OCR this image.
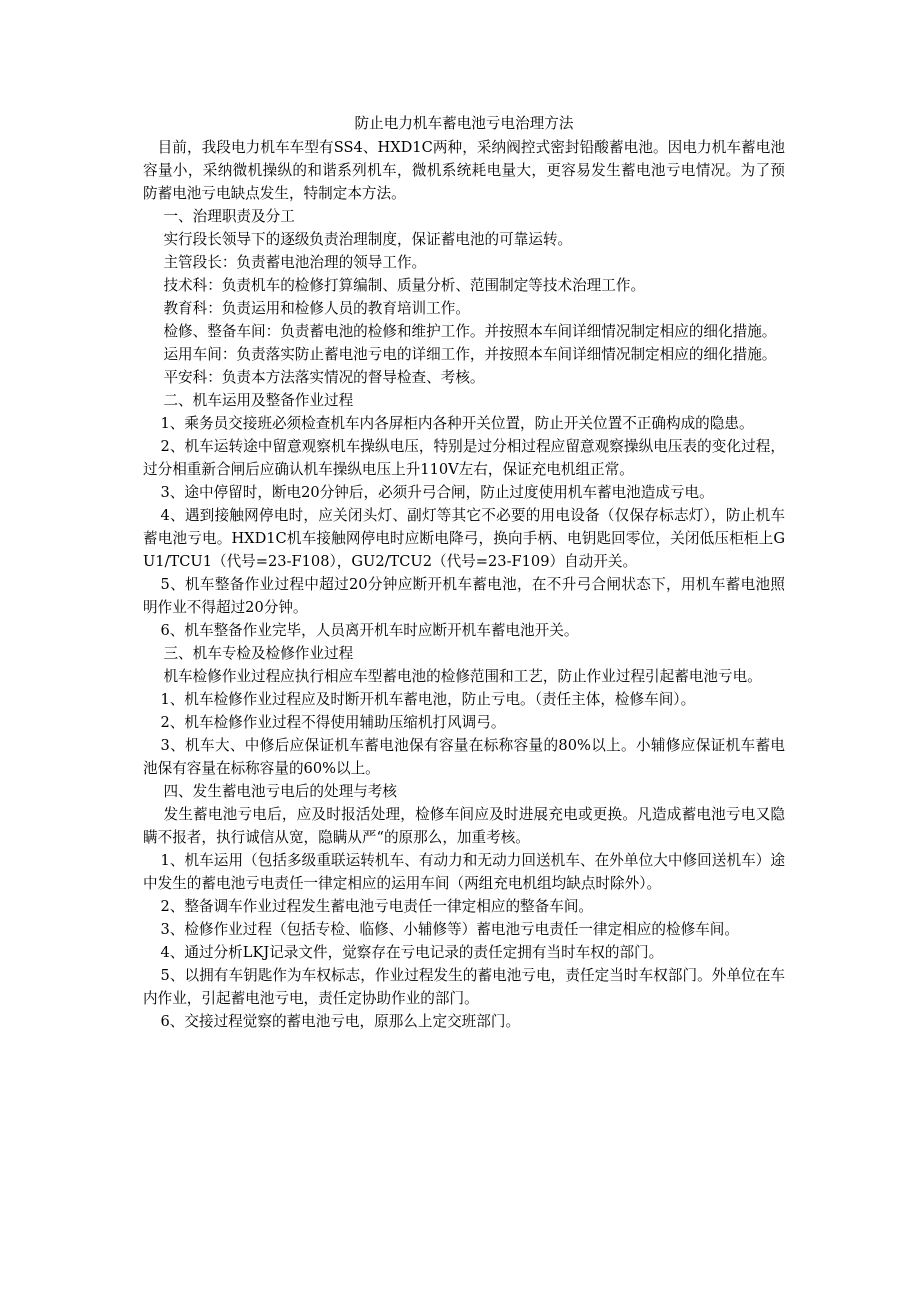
防止电力机车蓄电池亏电治理方法

目前，我段电力机车车型有SS4、HXD1C两种，采纳阀控式密封铅酸蓄电池。因电力机车蓄电池容量小，采纳微机操纵的和谐系列机车，微机系统耗电量大，更容易发生蓄电池亏电情况。为了预防蓄电池亏电缺点发生，特制定本方法。

一、治理职责及分工

实行段长领导下的逐级负责治理制度，保证蓄电池的可靠运转。

主管段长：负责蓄电池治理的领导工作。

技术科：负责机车的检修打算编制、质量分析、范围制定等技术治理工作。

教育科：负责运用和检修人员的教育培训工作。

检修、整备车间：负责蓄电池的检修和维护工作。并按照本车间详细情况制定相应的细化措施。

运用车间：负责落实防止蓄电池亏电的详细工作，并按照本车间详细情况制定相应的细化措施。

平安科：负责本方法落实情况的督导检查、考核。

二、机车运用及整备作业过程

1、乘务员交接班必须检查机车内各屏柜内各种开关位置，防止开关位置不正确构成的隐患。

2、机车运转途中留意观察机车操纵电压，特别是过分相过程应留意观察操纵电压表的变化过程，过分相重新合闸后应确认机车操纵电压上升110V左右，保证充电机组正常。

3、途中停留时，断电20分钟后，必须升弓合闸，防止过度使用机车蓄电池造成亏电。

4、遇到接触网停电时，应关闭头灯、副灯等其它不必要的用电设备（仅保存标志灯），防止机车蓄电池亏电。HXD1C机车接触网停电时应断电降弓，换向手柄、电钥匙回零位，关闭低压柜柜上GU1/TCU1（代号=23-F108），GU2/TCU2（代号=23-F109）自动开关。

5、机车整备作业过程中超过20分钟应断开机车蓄电池，在不升弓合闸状态下，用机车蓄电池照明作业不得超过20分钟。

6、机车整备作业完毕，人员离开机车时应断开机车蓄电池开关。

三、机车专检及检修作业过程

机车检修作业过程应执行相应车型蓄电池的检修范围和工艺，防止作业过程引起蓄电池亏电。

1、机车检修作业过程应及时断开机车蓄电池，防止亏电。（责任主体，检修车间）。

2、机车检修作业过程不得使用辅助压缩机打风调弓。

3、机车大、中修后应保证机车蓄电池保有容量在标称容量的80%以上。小辅修应保证机车蓄电池保有容量在标称容量的60%以上。

四、发生蓄电池亏电后的处理与考核

发生蓄电池亏电后，应及时报活处理，检修车间应及时进展充电或更换。凡造成蓄电池亏电又隐瞒不报者，执行诚信从宽，隐瞒从严“的原那么，加重考核。

1、机车运用（包括多级重联运转机车、有动力和无动力回送机车、在外单位大中修回送机车）途中发生的蓄电池亏电责任一律定相应的运用车间（两组充电机组均缺点时除外）。

2、整备调车作业过程发生蓄电池亏电责任一律定相应的整备车间。

3、检修作业过程（包括专检、临修、小辅修等）蓄电池亏电责任一律定相应的检修车间。

4、通过分析LKJ记录文件，觉察存在亏电记录的责任定拥有当时车权的部门。

5、以拥有车钥匙作为车权标志，作业过程发生的蓄电池亏电，责任定当时车权部门。外单位在车内作业，引起蓄电池亏电，责任定协助作业的部门。

6、交接过程觉察的蓄电池亏电，原那么上定交班部门。
